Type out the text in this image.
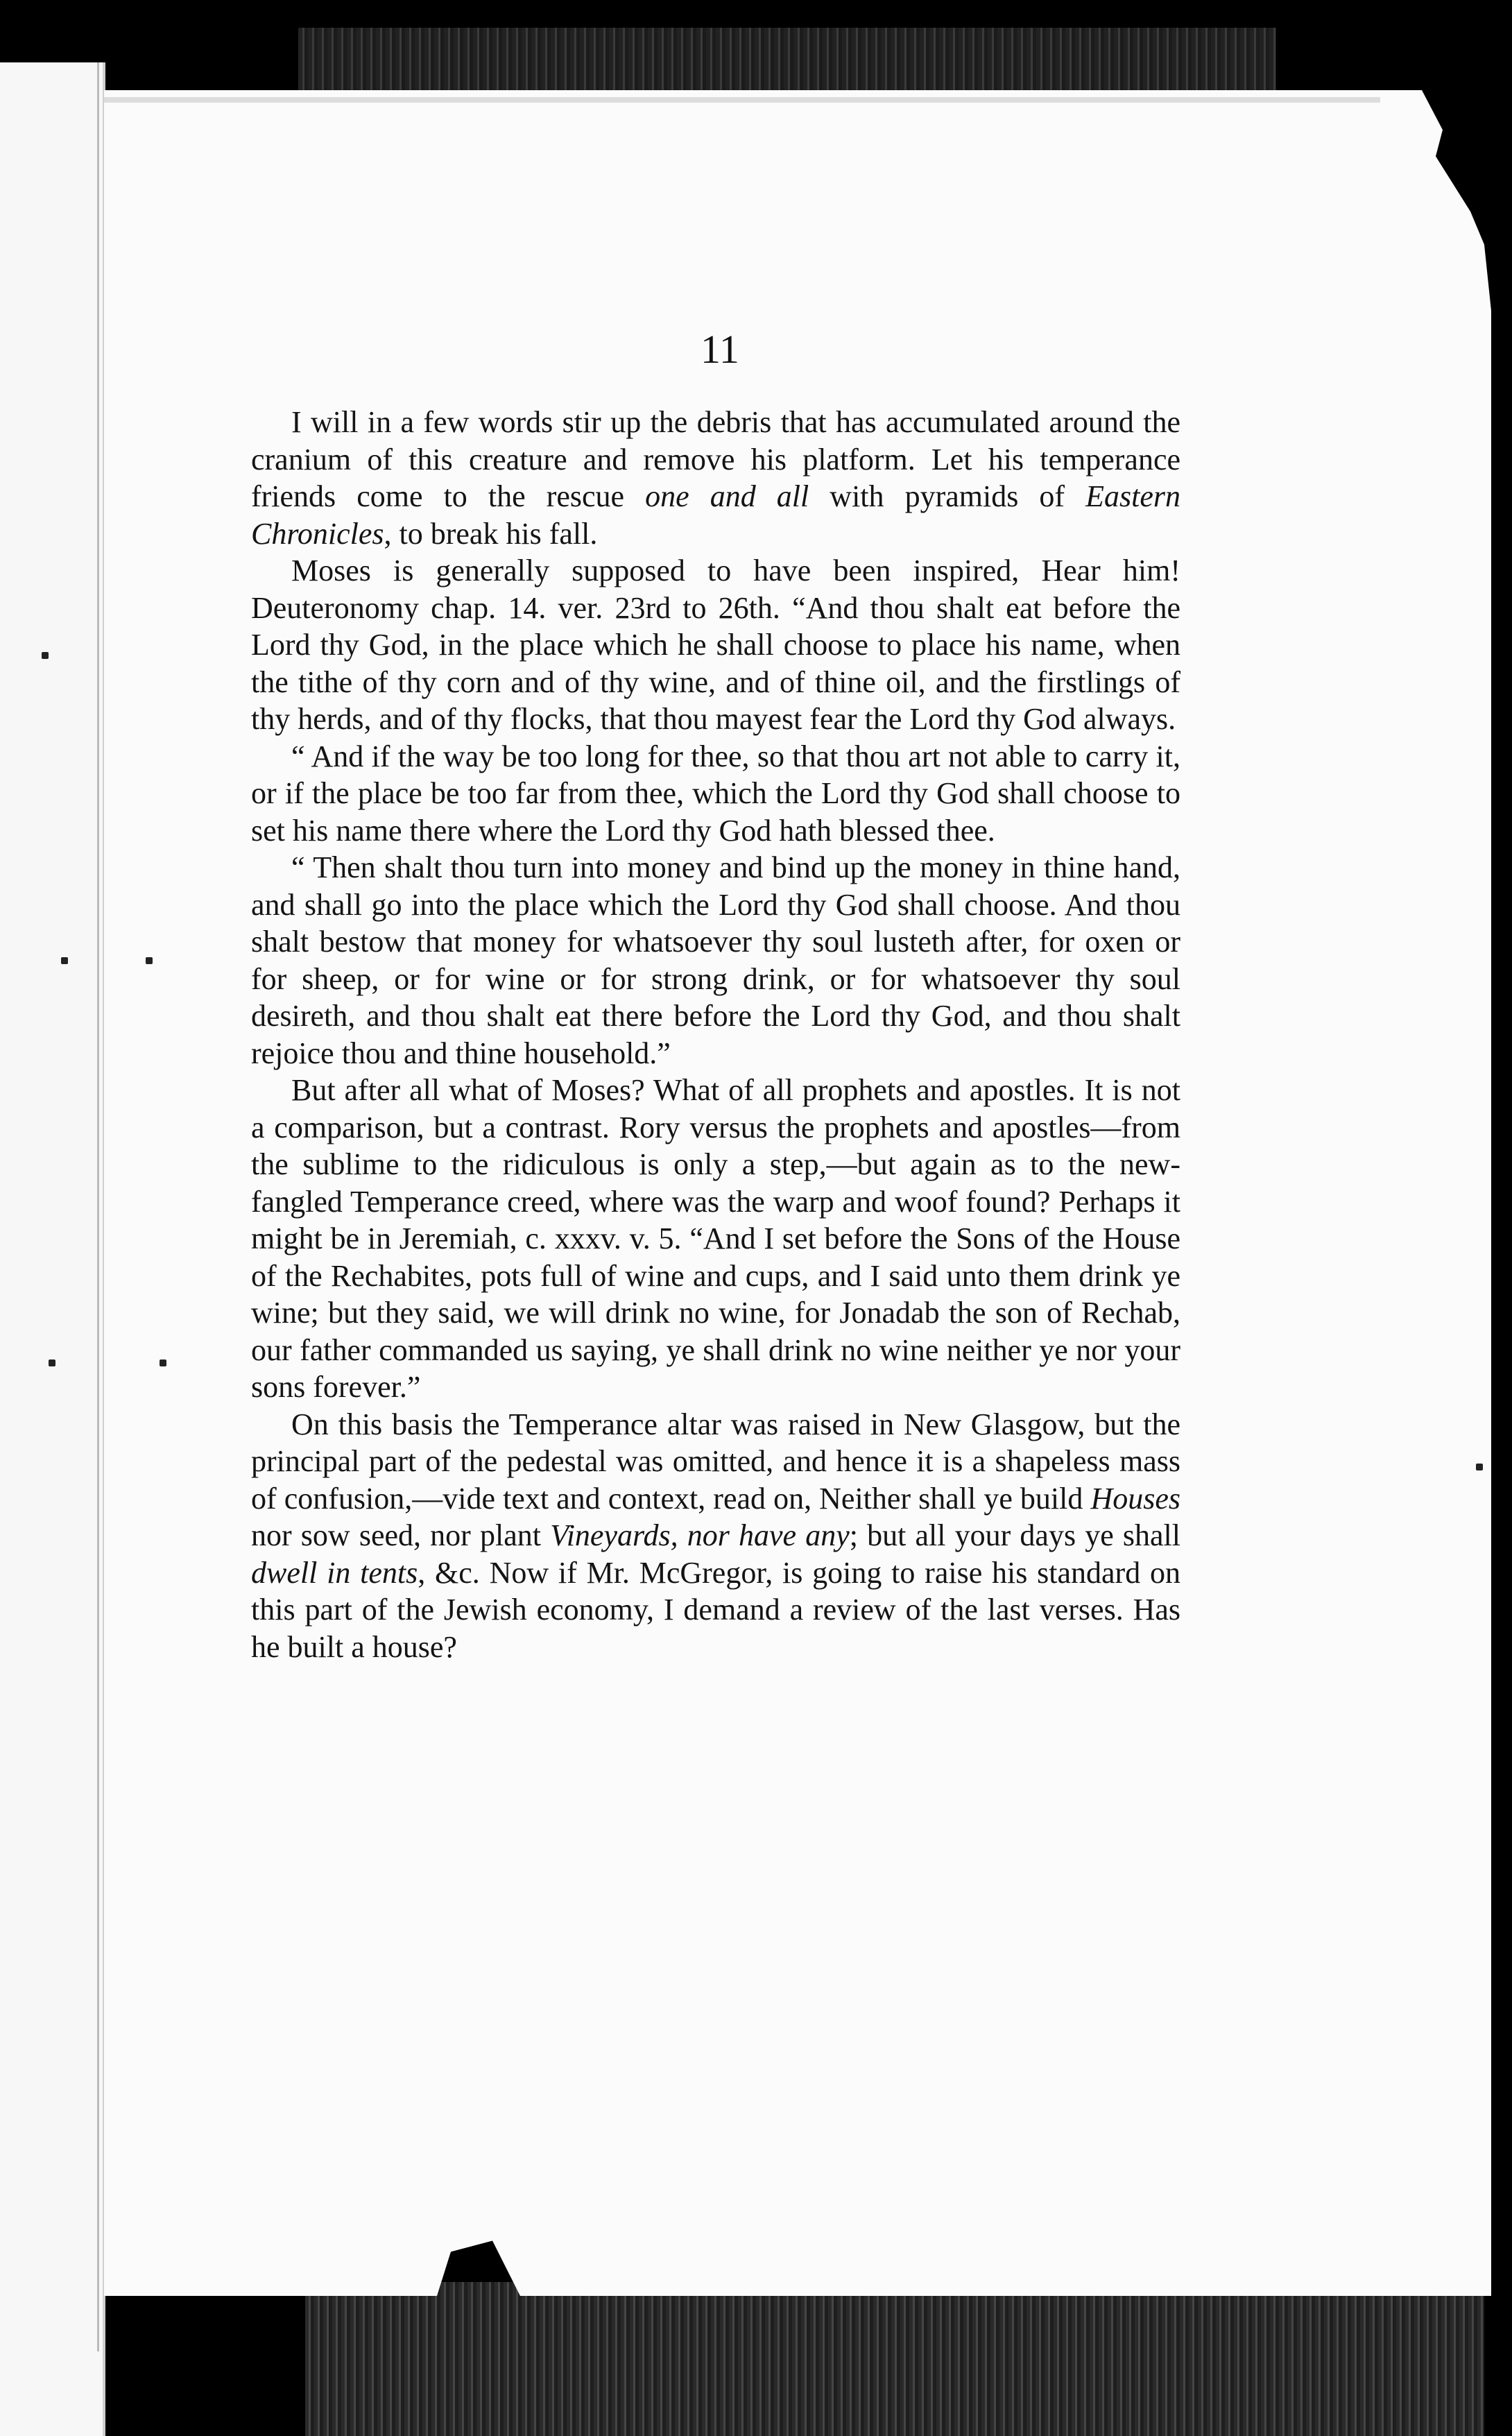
11

I will in a few words stir up the debris that has accumulated around the cranium of this creature and remove his platform. Let his temperance friends come to the rescue one and all with pyramids of Eastern Chronicles, to break his fall.

Moses is generally supposed to have been inspired, Hear him! Deuteronomy chap. 14. ver. 23rd to 26th. “And thou shalt eat before the Lord thy God, in the place which he shall choose to place his name, when the tithe of thy corn and of thy wine, and of thine oil, and the firstlings of thy herds, and of thy flocks, that thou mayest fear the Lord thy God always.

“ And if the way be too long for thee, so that thou art not able to carry it, or if the place be too far from thee, which the Lord thy God shall choose to set his name there where the Lord thy God hath blessed thee.

“ Then shalt thou turn into money and bind up the money in thine hand, and shall go into the place which the Lord thy God shall choose. And thou shalt bestow that money for whatsoever thy soul lusteth after, for oxen or for sheep, or for wine or for strong drink, or for whatsoever thy soul desireth, and thou shalt eat there before the Lord thy God, and thou shalt rejoice thou and thine household.”

But after all what of Moses? What of all prophets and apostles. It is not a comparison, but a contrast. Rory versus the prophets and apostles—from the sublime to the ridiculous is only a step,—but again as to the new-fangled Temperance creed, where was the warp and woof found? Perhaps it might be in Jeremiah, c. xxxv. v. 5. “And I set before the Sons of the House of the Rechabites, pots full of wine and cups, and I said unto them drink ye wine; but they said, we will drink no wine, for Jonadab the son of Rechab, our father commanded us saying, ye shall drink no wine neither ye nor your sons forever.”

On this basis the Temperance altar was raised in New Glasgow, but the principal part of the pedestal was omitted, and hence it is a shapeless mass of confusion,—vide text and context, read on, Neither shall ye build Houses nor sow seed, nor plant Vineyards, nor have any; but all your days ye shall dwell in tents, &c. Now if Mr. McGregor, is going to raise his standard on this part of the Jewish economy, I demand a review of the last verses. Has he built a house?
